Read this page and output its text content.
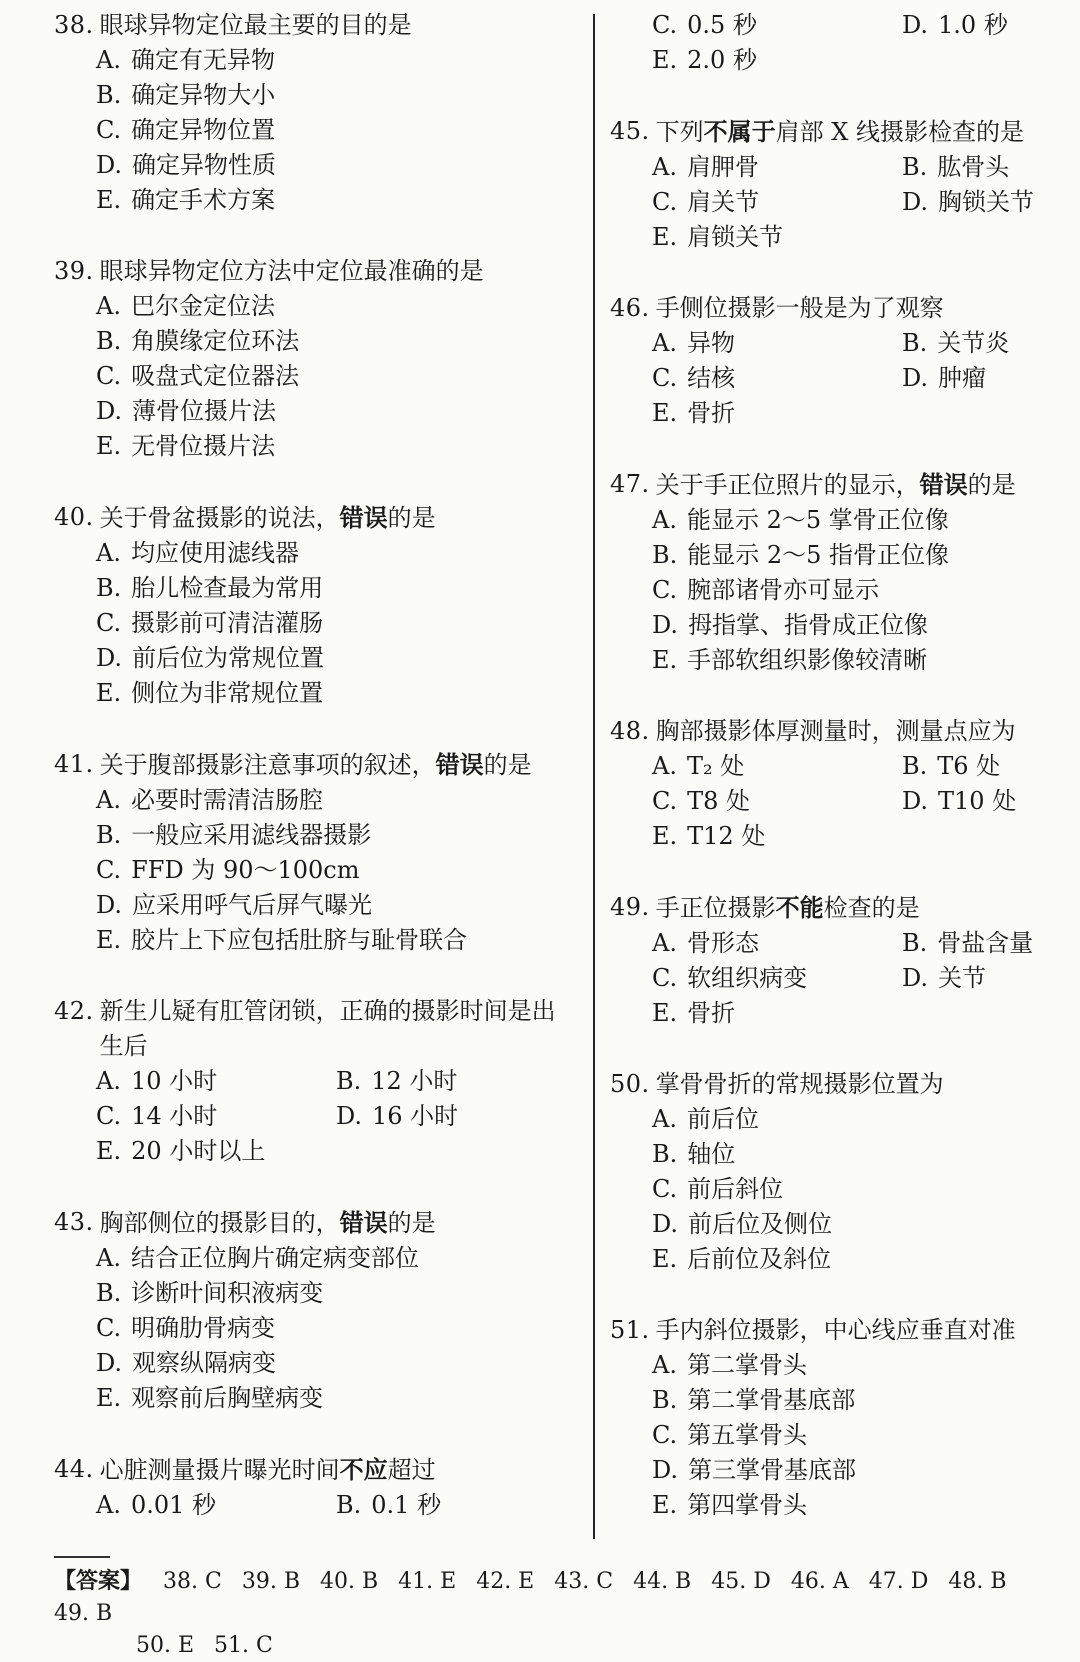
38. 眼球异物定位最主要的目的是
A. 确定有无异物
B. 确定异物大小
C. 确定异物位置
D. 确定异物性质
E. 确定手术方案
39. 眼球异物定位方法中定位最准确的是
A. 巴尔金定位法
B. 角膜缘定位环法
C. 吸盘式定位器法
D. 薄骨位摄片法
E. 无骨位摄片法
40. 关于骨盆摄影的说法，错误的是
A. 均应使用滤线器
B. 胎儿检查最为常用
C. 摄影前可清洁灌肠
D. 前后位为常规位置
E. 侧位为非常规位置
41. 关于腹部摄影注意事项的叙述，错误的是
A. 必要时需清洁肠腔
B. 一般应采用滤线器摄影
C. FFD 为 90～100cm
D. 应采用呼气后屏气曝光
E. 胶片上下应包括肚脐与耻骨联合
42. 新生儿疑有肛管闭锁，正确的摄影时间是出生后
A. 10 小时	B. 12 小时
C. 14 小时	D. 16 小时
E. 20 小时以上
43. 胸部侧位的摄影目的，错误的是
A. 结合正位胸片确定病变部位
B. 诊断叶间积液病变
C. 明确肋骨病变
D. 观察纵隔病变
E. 观察前后胸壁病变
44. 心脏测量摄片曝光时间不应超过
A. 0.01 秒	B. 0.1 秒
C. 0.5 秒	D. 1.0 秒
E. 2.0 秒
45. 下列不属于肩部 X 线摄影检查的是
A. 肩胛骨	B. 肱骨头
C. 肩关节	D. 胸锁关节
E. 肩锁关节
46. 手侧位摄影一般是为了观察
A. 异物	B. 关节炎
C. 结核	D. 肿瘤
E. 骨折
47. 关于手正位照片的显示，错误的是
A. 能显示 2～5 掌骨正位像
B. 能显示 2～5 指骨正位像
C. 腕部诸骨亦可显示
D. 拇指掌、指骨成正位像
E. 手部软组织影像较清晰
48. 胸部摄影体厚测量时，测量点应为
A. T₂ 处	B. T6 处
C. T8 处	D. T10 处
E. T12 处
49. 手正位摄影不能检查的是
A. 骨形态	B. 骨盐含量
C. 软组织病变	D. 关节
E. 骨折
50. 掌骨骨折的常规摄影位置为
A. 前后位
B. 轴位
C. 前后斜位
D. 前后位及侧位
E. 后前位及斜位
51. 手内斜位摄影，中心线应垂直对准
A. 第二掌骨头
B. 第二掌骨基底部
C. 第五掌骨头
D. 第三掌骨基底部
E. 第四掌骨头
【答案】 38. C 39. B 40. B 41. E 42. E 43. C 44. B 45. D 46. A 47. D 48. B49. B
50. E 51. C
